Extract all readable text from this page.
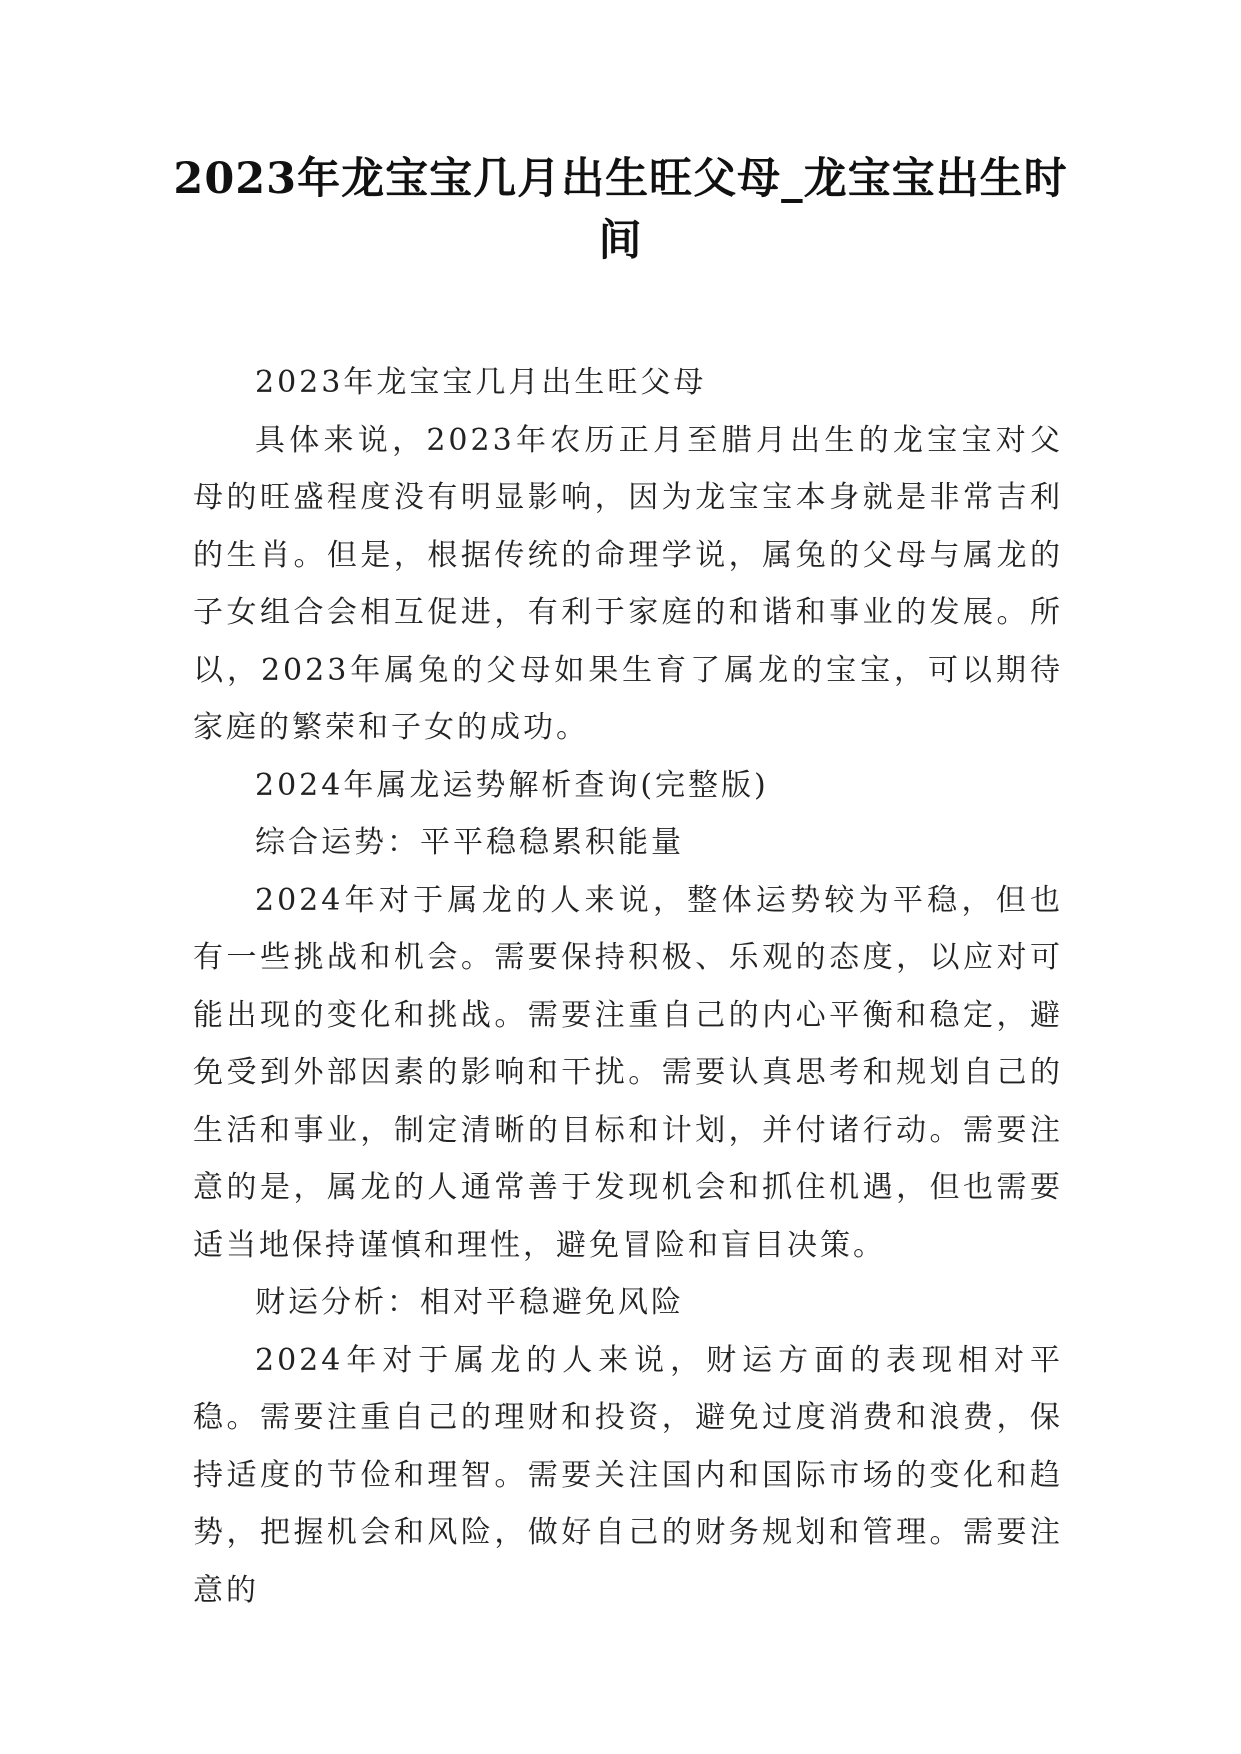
2023年龙宝宝几月出生旺父母_龙宝宝出生时间

2023年龙宝宝几月出生旺父母

具体来说，2023年农历正月至腊月出生的龙宝宝对父母的旺盛程度没有明显影响，因为龙宝宝本身就是非常吉利的生肖。但是，根据传统的命理学说，属兔的父母与属龙的子女组合会相互促进，有利于家庭的和谐和事业的发展。所以，2023年属兔的父母如果生育了属龙的宝宝，可以期待家庭的繁荣和子女的成功。

2024年属龙运势解析查询(完整版)

综合运势：平平稳稳累积能量

2024年对于属龙的人来说，整体运势较为平稳，但也有一些挑战和机会。需要保持积极、乐观的态度，以应对可能出现的变化和挑战。需要注重自己的内心平衡和稳定，避免受到外部因素的影响和干扰。需要认真思考和规划自己的生活和事业，制定清晰的目标和计划，并付诸行动。需要注意的是，属龙的人通常善于发现机会和抓住机遇，但也需要适当地保持谨慎和理性，避免冒险和盲目决策。

财运分析：相对平稳避免风险

2024年对于属龙的人来说，财运方面的表现相对平稳。需要注重自己的理财和投资，避免过度消费和浪费，保持适度的节俭和理智。需要关注国内和国际市场的变化和趋势，把握机会和风险，做好自己的财务规划和管理。需要注意的
